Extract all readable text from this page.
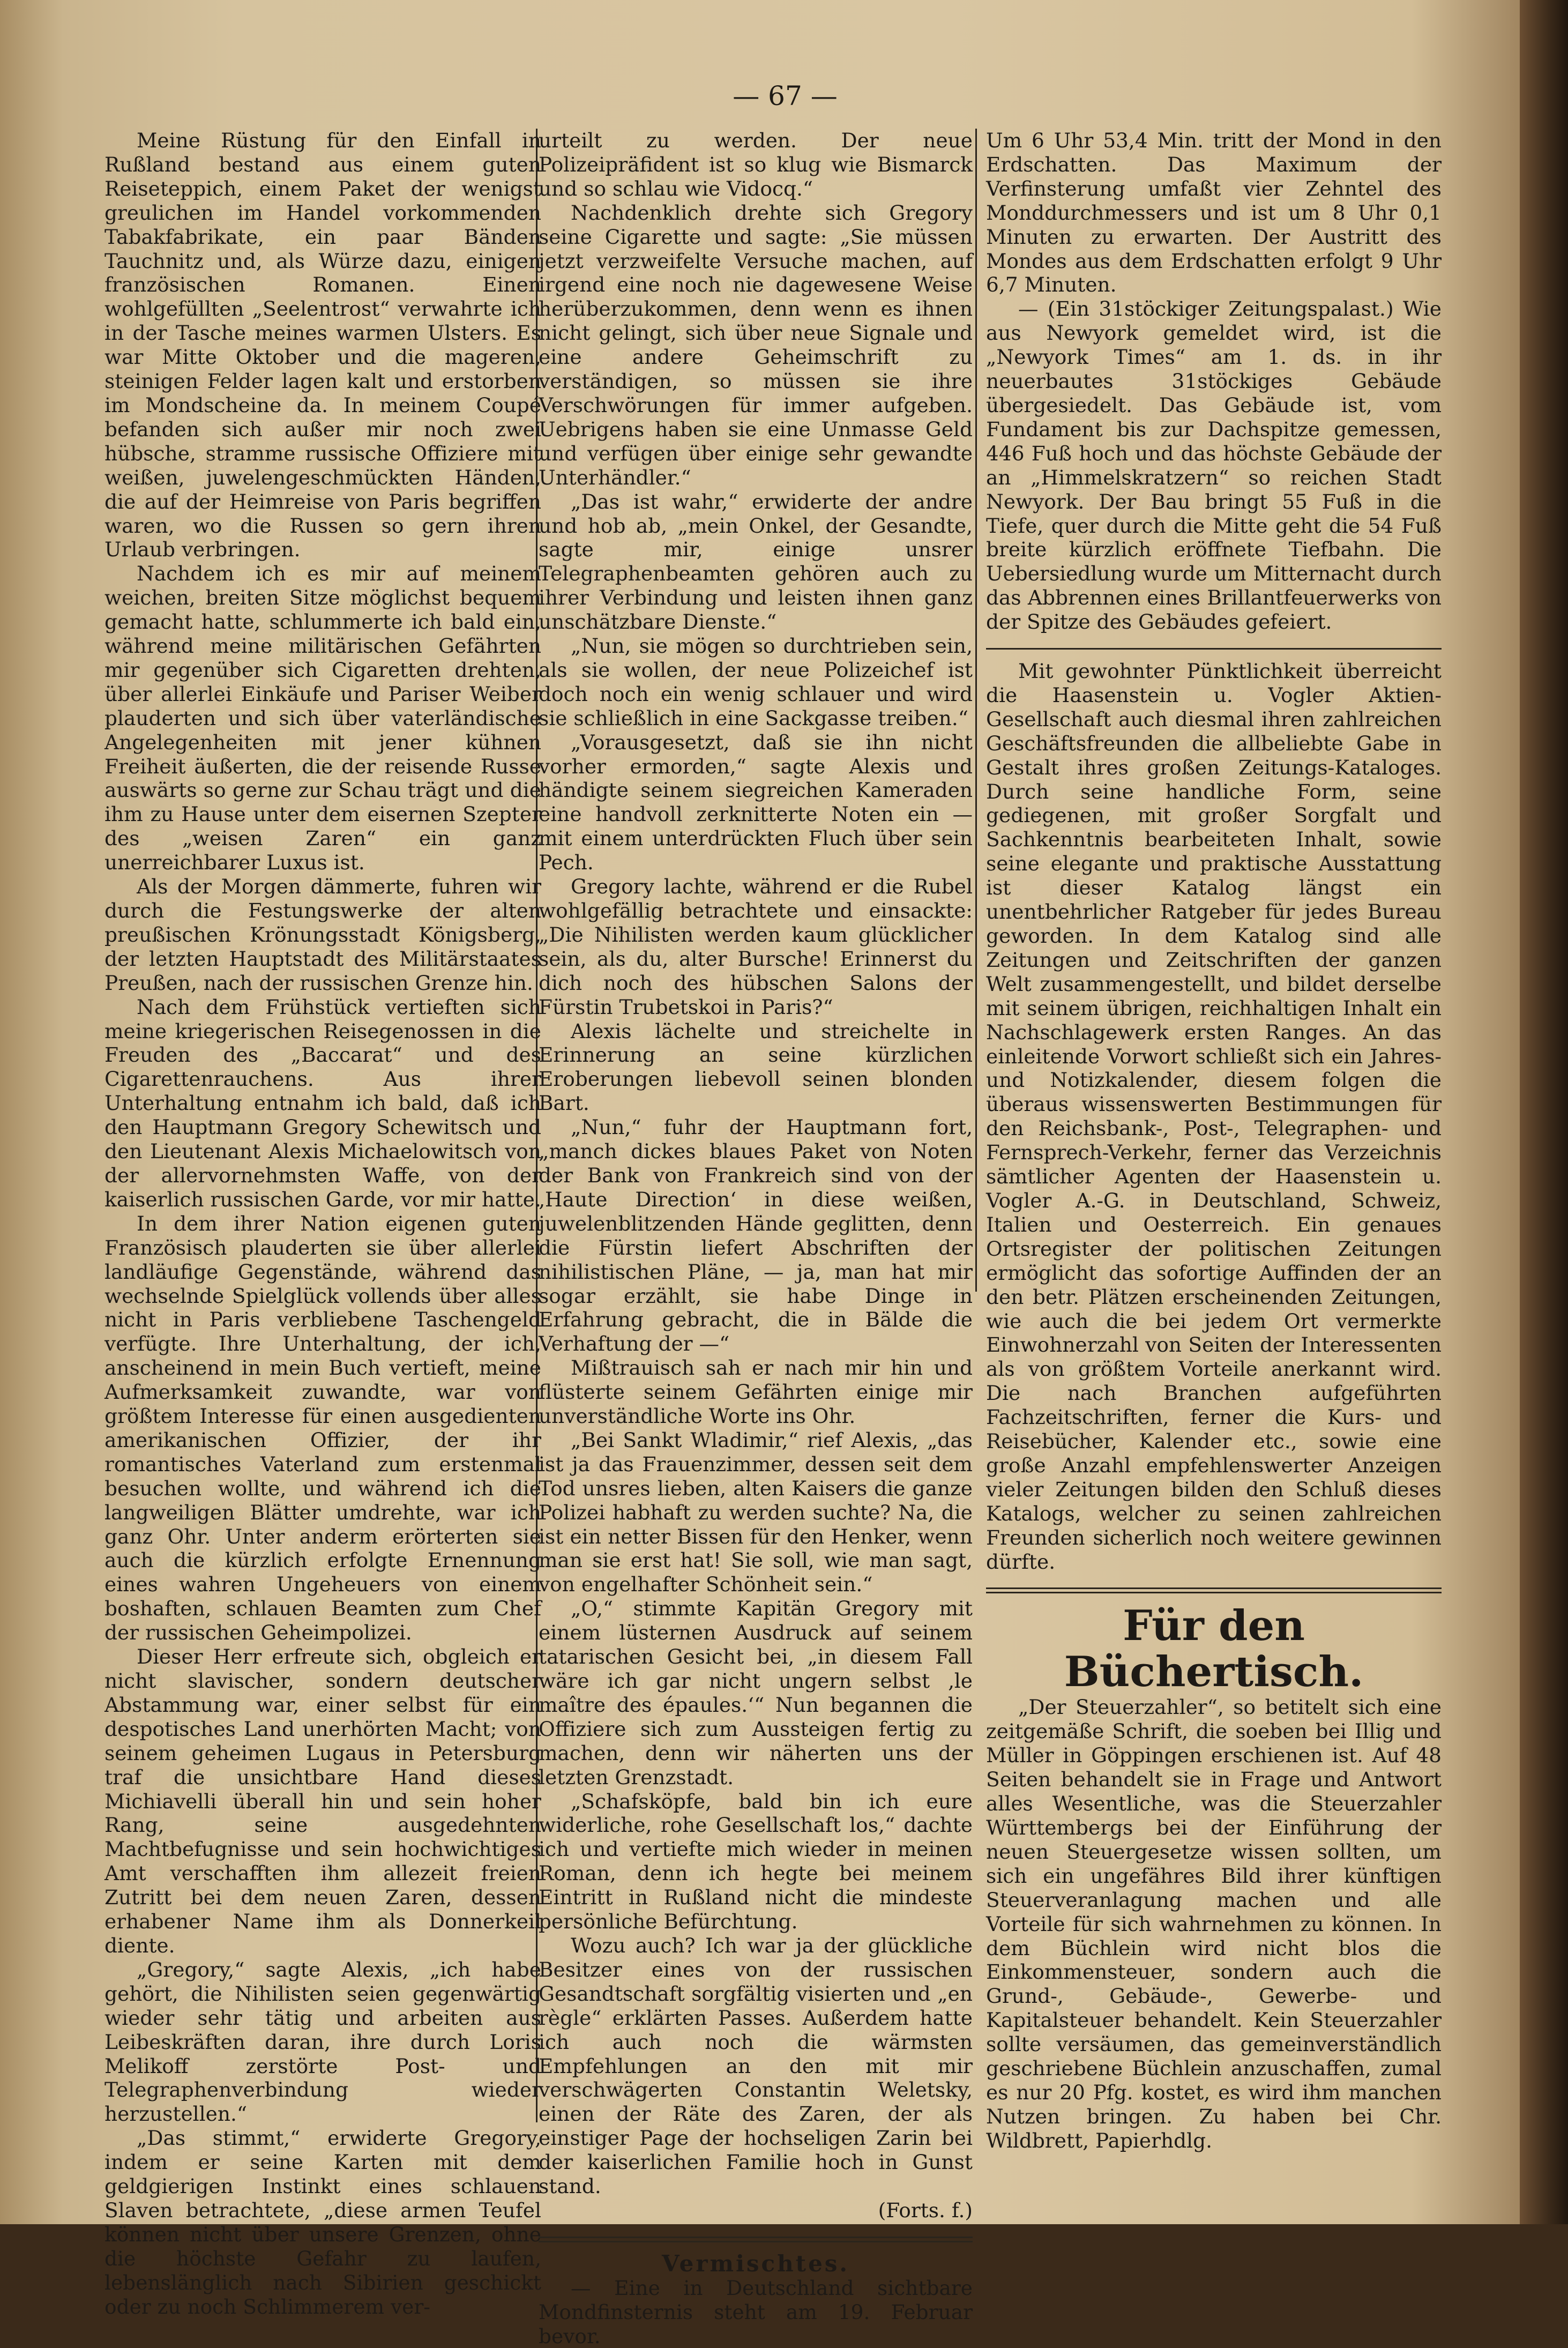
— 67 —

Meine Rüstung für den Einfall in Rußland bestand aus einem guten Reiseteppich, einem Paket der wenigst greulichen im Handel vorkommenden Tabakfabrikate, ein paar Bänden Tauchnitz und, als Würze dazu, einigen französischen Romanen. Einen wohlgefüllten „Seelentrost“ verwahrte ich in der Tasche meines warmen Ulsters. Es war Mitte Oktober und die mageren, steinigen Felder lagen kalt und erstorben im Mondscheine da. In meinem Coupé befanden sich außer mir noch zwei hübsche, stramme russische Offiziere mit weißen, juwelengeschmückten Händen, die auf der Heimreise von Paris begriffen waren, wo die Russen so gern ihren Urlaub verbringen.

Nachdem ich es mir auf meinem weichen, breiten Sitze möglichst bequem gemacht hatte, schlummerte ich bald ein, während meine militärischen Gefährten mir gegenüber sich Cigaretten drehten, über allerlei Einkäufe und Pariser Weiber plauderten und sich über vaterländische Angelegenheiten mit jener kühnen Freiheit äußerten, die der reisende Russe auswärts so gerne zur Schau trägt und die ihm zu Hause unter dem eisernen Szepter des „weisen Zaren“ ein ganz unerreichbarer Luxus ist.

Als der Morgen dämmerte, fuhren wir durch die Festungswerke der alten preußischen Krönungsstadt Königsberg, der letzten Hauptstadt des Militärstaates Preußen, nach der russischen Grenze hin.

Nach dem Frühstück vertieften sich meine kriegerischen Reisegenossen in die Freuden des „Baccarat“ und des Cigarettenrauchens. Aus ihrer Unterhaltung entnahm ich bald, daß ich den Hauptmann Gregory Schewitsch und den Lieutenant Alexis Michaelowitsch von der allervornehmsten Waffe, von der kaiserlich russischen Garde, vor mir hatte.

In dem ihrer Nation eigenen guten Französisch plauderten sie über allerlei landläufige Gegenstände, während das wechselnde Spielglück vollends über alles nicht in Paris verbliebene Taschengeld verfügte. Ihre Unterhaltung, der ich, anscheinend in mein Buch vertieft, meine Aufmerksamkeit zuwandte, war von größtem Interesse für einen ausgedienten amerikanischen Offizier, der ihr romantisches Vaterland zum erstenmal besuchen wollte, und während ich die langweiligen Blätter umdrehte, war ich ganz Ohr. Unter anderm erörterten sie auch die kürzlich erfolgte Ernennung eines wahren Ungeheuers von einem boshaften, schlauen Beamten zum Chef der russischen Geheimpolizei.

Dieser Herr erfreute sich, obgleich er nicht slavischer, sondern deutscher Abstammung war, einer selbst für ein despotisches Land unerhörten Macht; von seinem geheimen Lugaus in Petersburg traf die unsichtbare Hand dieses Michiavelli überall hin und sein hoher Rang, seine ausgedehnten Machtbefugnisse und sein hochwichtiges Amt verschafften ihm allezeit freien Zutritt bei dem neuen Zaren, dessen erhabener Name ihm als Donnerkeil diente.

„Gregory,“ sagte Alexis, „ich habe gehört, die Nihilisten seien gegenwärtig wieder sehr tätig und arbeiten aus Leibeskräften daran, ihre durch Loris Melikoff zerstörte Post- und Telegraphenverbindung wieder herzustellen.“

„Das stimmt,“ erwiderte Gregory, indem er seine Karten mit dem geldgierigen Instinkt eines schlauen Slaven betrachtete, „diese armen Teufel können nicht über unsere Grenzen, ohne die höchste Gefahr zu laufen, lebenslänglich nach Sibirien geschickt oder zu noch Schlimmerem ver-

urteilt zu werden. Der neue Polizeipräfident ist so klug wie Bismarck und so schlau wie Vidocq.“

Nachdenklich drehte sich Gregory seine Cigarette und sagte: „Sie müssen jetzt verzweifelte Versuche machen, auf irgend eine noch nie dagewesene Weise herüberzukommen, denn wenn es ihnen nicht gelingt, sich über neue Signale und eine andere Geheimschrift zu verständigen, so müssen sie ihre Verschwörungen für immer aufgeben. Uebrigens haben sie eine Unmasse Geld und verfügen über einige sehr gewandte Unterhändler.“

„Das ist wahr,“ erwiderte der andre und hob ab, „mein Onkel, der Gesandte, sagte mir, einige unsrer Telegraphenbeamten gehören auch zu ihrer Verbindung und leisten ihnen ganz unschätzbare Dienste.“

„Nun, sie mögen so durchtrieben sein, als sie wollen, der neue Polizeichef ist doch noch ein wenig schlauer und wird sie schließlich in eine Sackgasse treiben.“

„Vorausgesetzt, daß sie ihn nicht vorher ermorden,“ sagte Alexis und händigte seinem siegreichen Kameraden eine handvoll zerknitterte Noten ein — mit einem unterdrückten Fluch über sein Pech.

Gregory lachte, während er die Rubel wohlgefällig betrachtete und einsackte: „Die Nihilisten werden kaum glücklicher sein, als du, alter Bursche! Erinnerst du dich noch des hübschen Salons der Fürstin Trubetskoi in Paris?“

Alexis lächelte und streichelte in Erinnerung an seine kürzlichen Eroberungen liebevoll seinen blonden Bart.

„Nun,“ fuhr der Hauptmann fort, „manch dickes blaues Paket von Noten der Bank von Frankreich sind von der ‚Haute Direction‘ in diese weißen, juwelenblitzenden Hände geglitten, denn die Fürstin liefert Abschriften der nihilistischen Pläne, — ja, man hat mir sogar erzählt, sie habe Dinge in Erfahrung gebracht, die in Bälde die Verhaftung der —“

Mißtrauisch sah er nach mir hin und flüsterte seinem Gefährten einige mir unverständliche Worte ins Ohr.

„Bei Sankt Wladimir,“ rief Alexis, „das ist ja das Frauenzimmer, dessen seit dem Tod unsres lieben, alten Kaisers die ganze Polizei habhaft zu werden suchte? Na, die ist ein netter Bissen für den Henker, wenn man sie erst hat! Sie soll, wie man sagt, von engelhafter Schönheit sein.“

„O,“ stimmte Kapitän Gregory mit einem lüsternen Ausdruck auf seinem tatarischen Gesicht bei, „in diesem Fall wäre ich gar nicht ungern selbst ‚le maître des épaules.‘“ Nun begannen die Offiziere sich zum Aussteigen fertig zu machen, denn wir näherten uns der letzten Grenzstadt.

„Schafsköpfe, bald bin ich eure widerliche, rohe Gesellschaft los,“ dachte ich und vertiefte mich wieder in meinen Roman, denn ich hegte bei meinem Eintritt in Rußland nicht die mindeste persönliche Befürchtung.

Wozu auch? Ich war ja der glückliche Besitzer eines von der russischen Gesandtschaft sorgfältig visierten und „en règle“ erklärten Passes. Außerdem hatte ich auch noch die wärmsten Empfehlungen an den mit mir verschwägerten Constantin Weletsky, einen der Räte des Zaren, der als einstiger Page der hochseligen Zarin bei der kaiserlichen Familie hoch in Gunst stand.

(Forts. f.)

Vermischtes.

— Eine in Deutschland sichtbare Mondfinsternis steht am 19. Februar bevor.

Um 6 Uhr 53,4 Min. tritt der Mond in den Erdschatten. Das Maximum der Verfinsterung umfaßt vier Zehntel des Monddurchmessers und ist um 8 Uhr 0,1 Minuten zu erwarten. Der Austritt des Mondes aus dem Erdschatten erfolgt 9 Uhr 6,7 Minuten.

— (Ein 31stöckiger Zeitungspalast.) Wie aus Newyork gemeldet wird, ist die „Newyork Times“ am 1. ds. in ihr neuerbautes 31stöckiges Gebäude übergesiedelt. Das Gebäude ist, vom Fundament bis zur Dachspitze gemessen, 446 Fuß hoch und das höchste Gebäude der an „Himmelskratzern“ so reichen Stadt Newyork. Der Bau bringt 55 Fuß in die Tiefe, quer durch die Mitte geht die 54 Fuß breite kürzlich eröffnete Tiefbahn. Die Uebersiedlung wurde um Mitternacht durch das Abbrennen eines Brillantfeuerwerks von der Spitze des Gebäudes gefeiert.

Mit gewohnter Pünktlichkeit überreicht die Haasenstein u. Vogler Aktien-Gesellschaft auch diesmal ihren zahlreichen Geschäftsfreunden die allbeliebte Gabe in Gestalt ihres großen Zeitungs-Kataloges. Durch seine handliche Form, seine gediegenen, mit großer Sorgfalt und Sachkenntnis bearbeiteten Inhalt, sowie seine elegante und praktische Ausstattung ist dieser Katalog längst ein unentbehrlicher Ratgeber für jedes Bureau geworden. In dem Katalog sind alle Zeitungen und Zeitschriften der ganzen Welt zusammengestellt, und bildet derselbe mit seinem übrigen, reichhaltigen Inhalt ein Nachschlagewerk ersten Ranges. An das einleitende Vorwort schließt sich ein Jahres- und Notizkalender, diesem folgen die überaus wissenswerten Bestimmungen für den Reichsbank-, Post-, Telegraphen- und Fernsprech-Verkehr, ferner das Verzeichnis sämtlicher Agenten der Haasenstein u. Vogler A.-G. in Deutschland, Schweiz, Italien und Oesterreich. Ein genaues Ortsregister der politischen Zeitungen ermöglicht das sofortige Auffinden der an den betr. Plätzen erscheinenden Zeitungen, wie auch die bei jedem Ort vermerkte Einwohnerzahl von Seiten der Interessenten als von größtem Vorteile anerkannt wird. Die nach Branchen aufgeführten Fachzeitschriften, ferner die Kurs- und Reisebücher, Kalender etc., sowie eine große Anzahl empfehlenswerter Anzeigen vieler Zeitungen bilden den Schluß dieses Katalogs, welcher zu seinen zahlreichen Freunden sicherlich noch weitere gewinnen dürfte.

Für den Büchertisch.

„Der Steuerzahler“, so betitelt sich eine zeitgemäße Schrift, die soeben bei Illig und Müller in Göppingen erschienen ist. Auf 48 Seiten behandelt sie in Frage und Antwort alles Wesentliche, was die Steuerzahler Württembergs bei der Einführung der neuen Steuergesetze wissen sollten, um sich ein ungefähres Bild ihrer künftigen Steuerveranlagung machen und alle Vorteile für sich wahrnehmen zu können. In dem Büchlein wird nicht blos die Einkommensteuer, sondern auch die Grund-, Gebäude-, Gewerbe- und Kapitalsteuer behandelt. Kein Steuerzahler sollte versäumen, das gemeinverständlich geschriebene Büchlein anzuschaffen, zumal es nur 20 Pfg. kostet, es wird ihm manchen Nutzen bringen. Zu haben bei Chr. Wildbrett, Papierhdlg.
